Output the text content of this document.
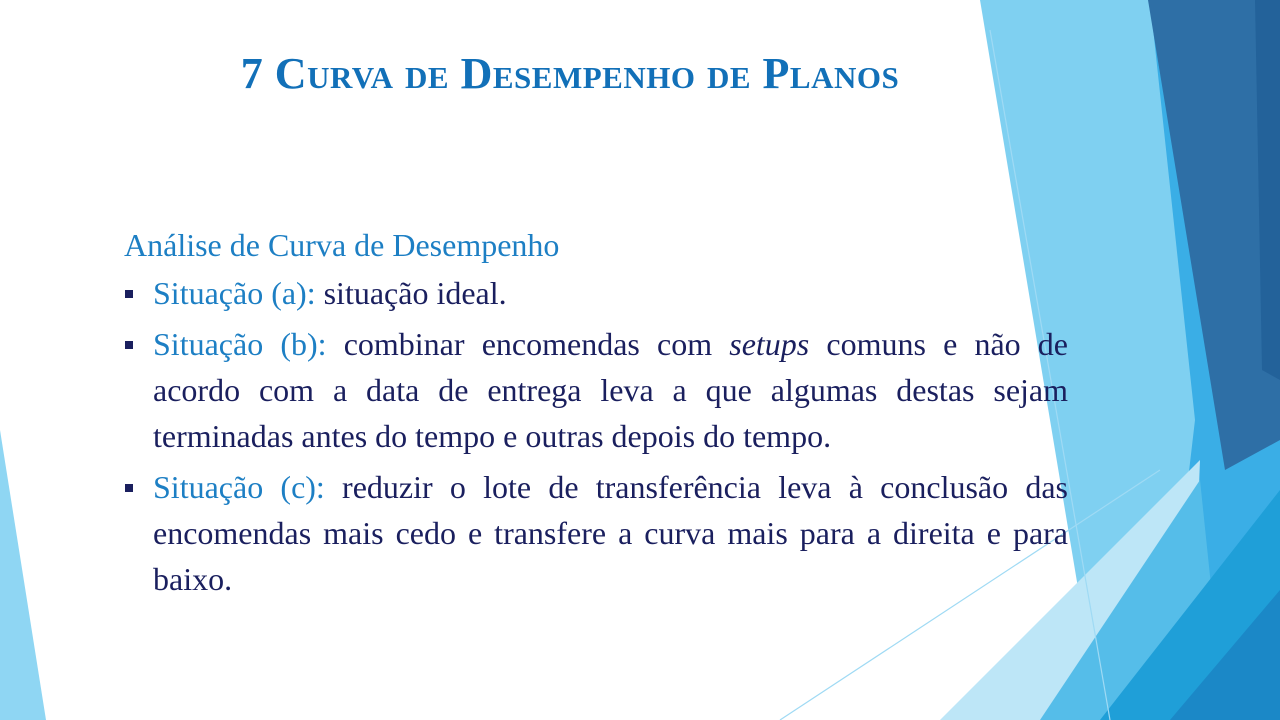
7 Curva de Desempenho de Planos
Análise de Curva de Desempenho
Situação (a): situação ideal.
Situação (b): combinar encomendas com setups comuns e não de acordo com a data de entrega leva a que algumas destas sejam terminadas antes do tempo e outras depois do tempo.
Situação (c): reduzir o lote de transferência leva à conclusão das encomendas mais cedo e transfere a curva mais para a direita e para baixo.
